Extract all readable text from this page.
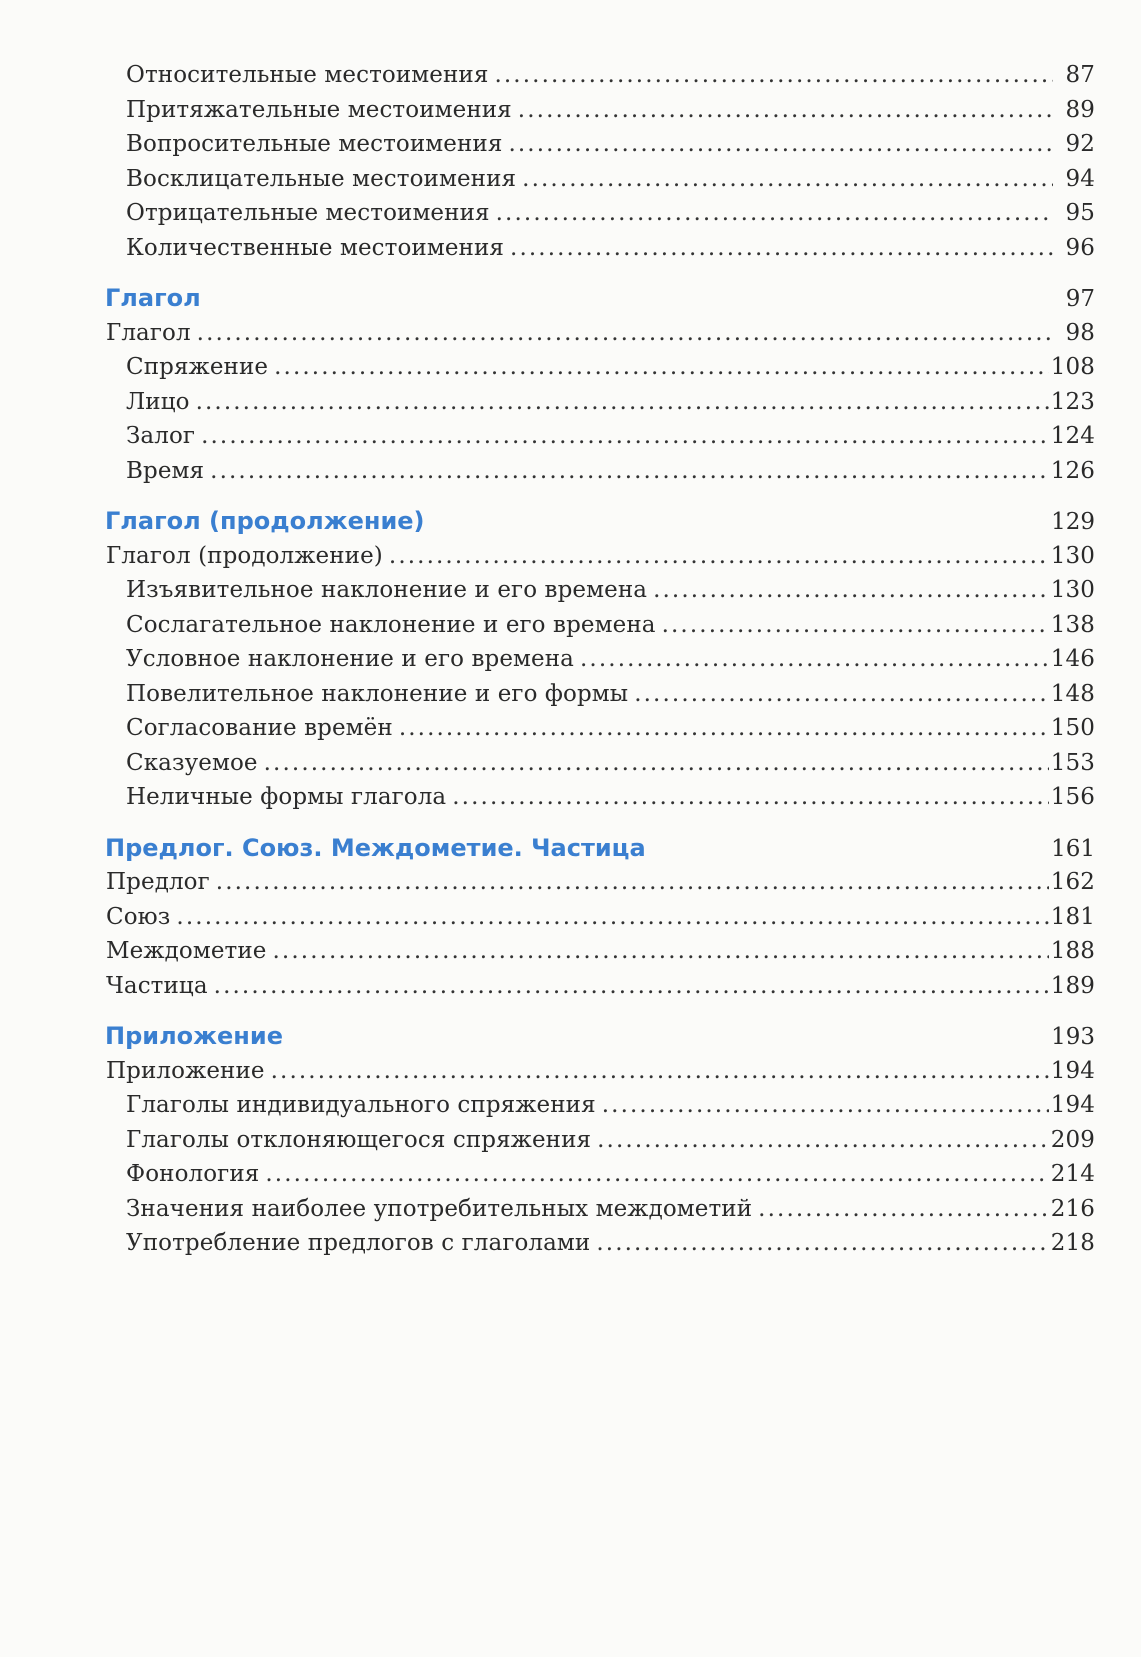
Относительные местоимения . . .	87
Притяжательные местоимения . . .	89
Вопросительные местоимения . . .	92
Восклицательные местоимения . . .	94
Отрицательные местоимения . . .	95
Количественные местоимения . . .	96
Глагол	97
Глагол . . .	98
Спряжение . . .	108
Лицо . . .	123
Залог . . .	124
Время . . .	126
Глагол (продолжение)	129
Глагол (продолжение) . . .	130
Изъявительное наклонение и его времена . . .	130
Сослагательное наклонение и его времена . . .	138
Условное наклонение и его времена . . .	146
Повелительное наклонение и его формы . . .	148
Согласование времён . . .	150
Сказуемое . . .	153
Неличные формы глагола . . .	156
Предлог. Союз. Междометие. Частица	161
Предлог . . .	162
Союз . . .	181
Междометие . . .	188
Частица . . .	189
Приложение	193
Приложение . . .	194
Глаголы индивидуального спряжения . . .	194
Глаголы отклоняющегося спряжения . . .	209
Фонология . . .	214
Значения наиболее употребительных междометий . . .	216
Употребление предлогов с глаголами . . .	218
